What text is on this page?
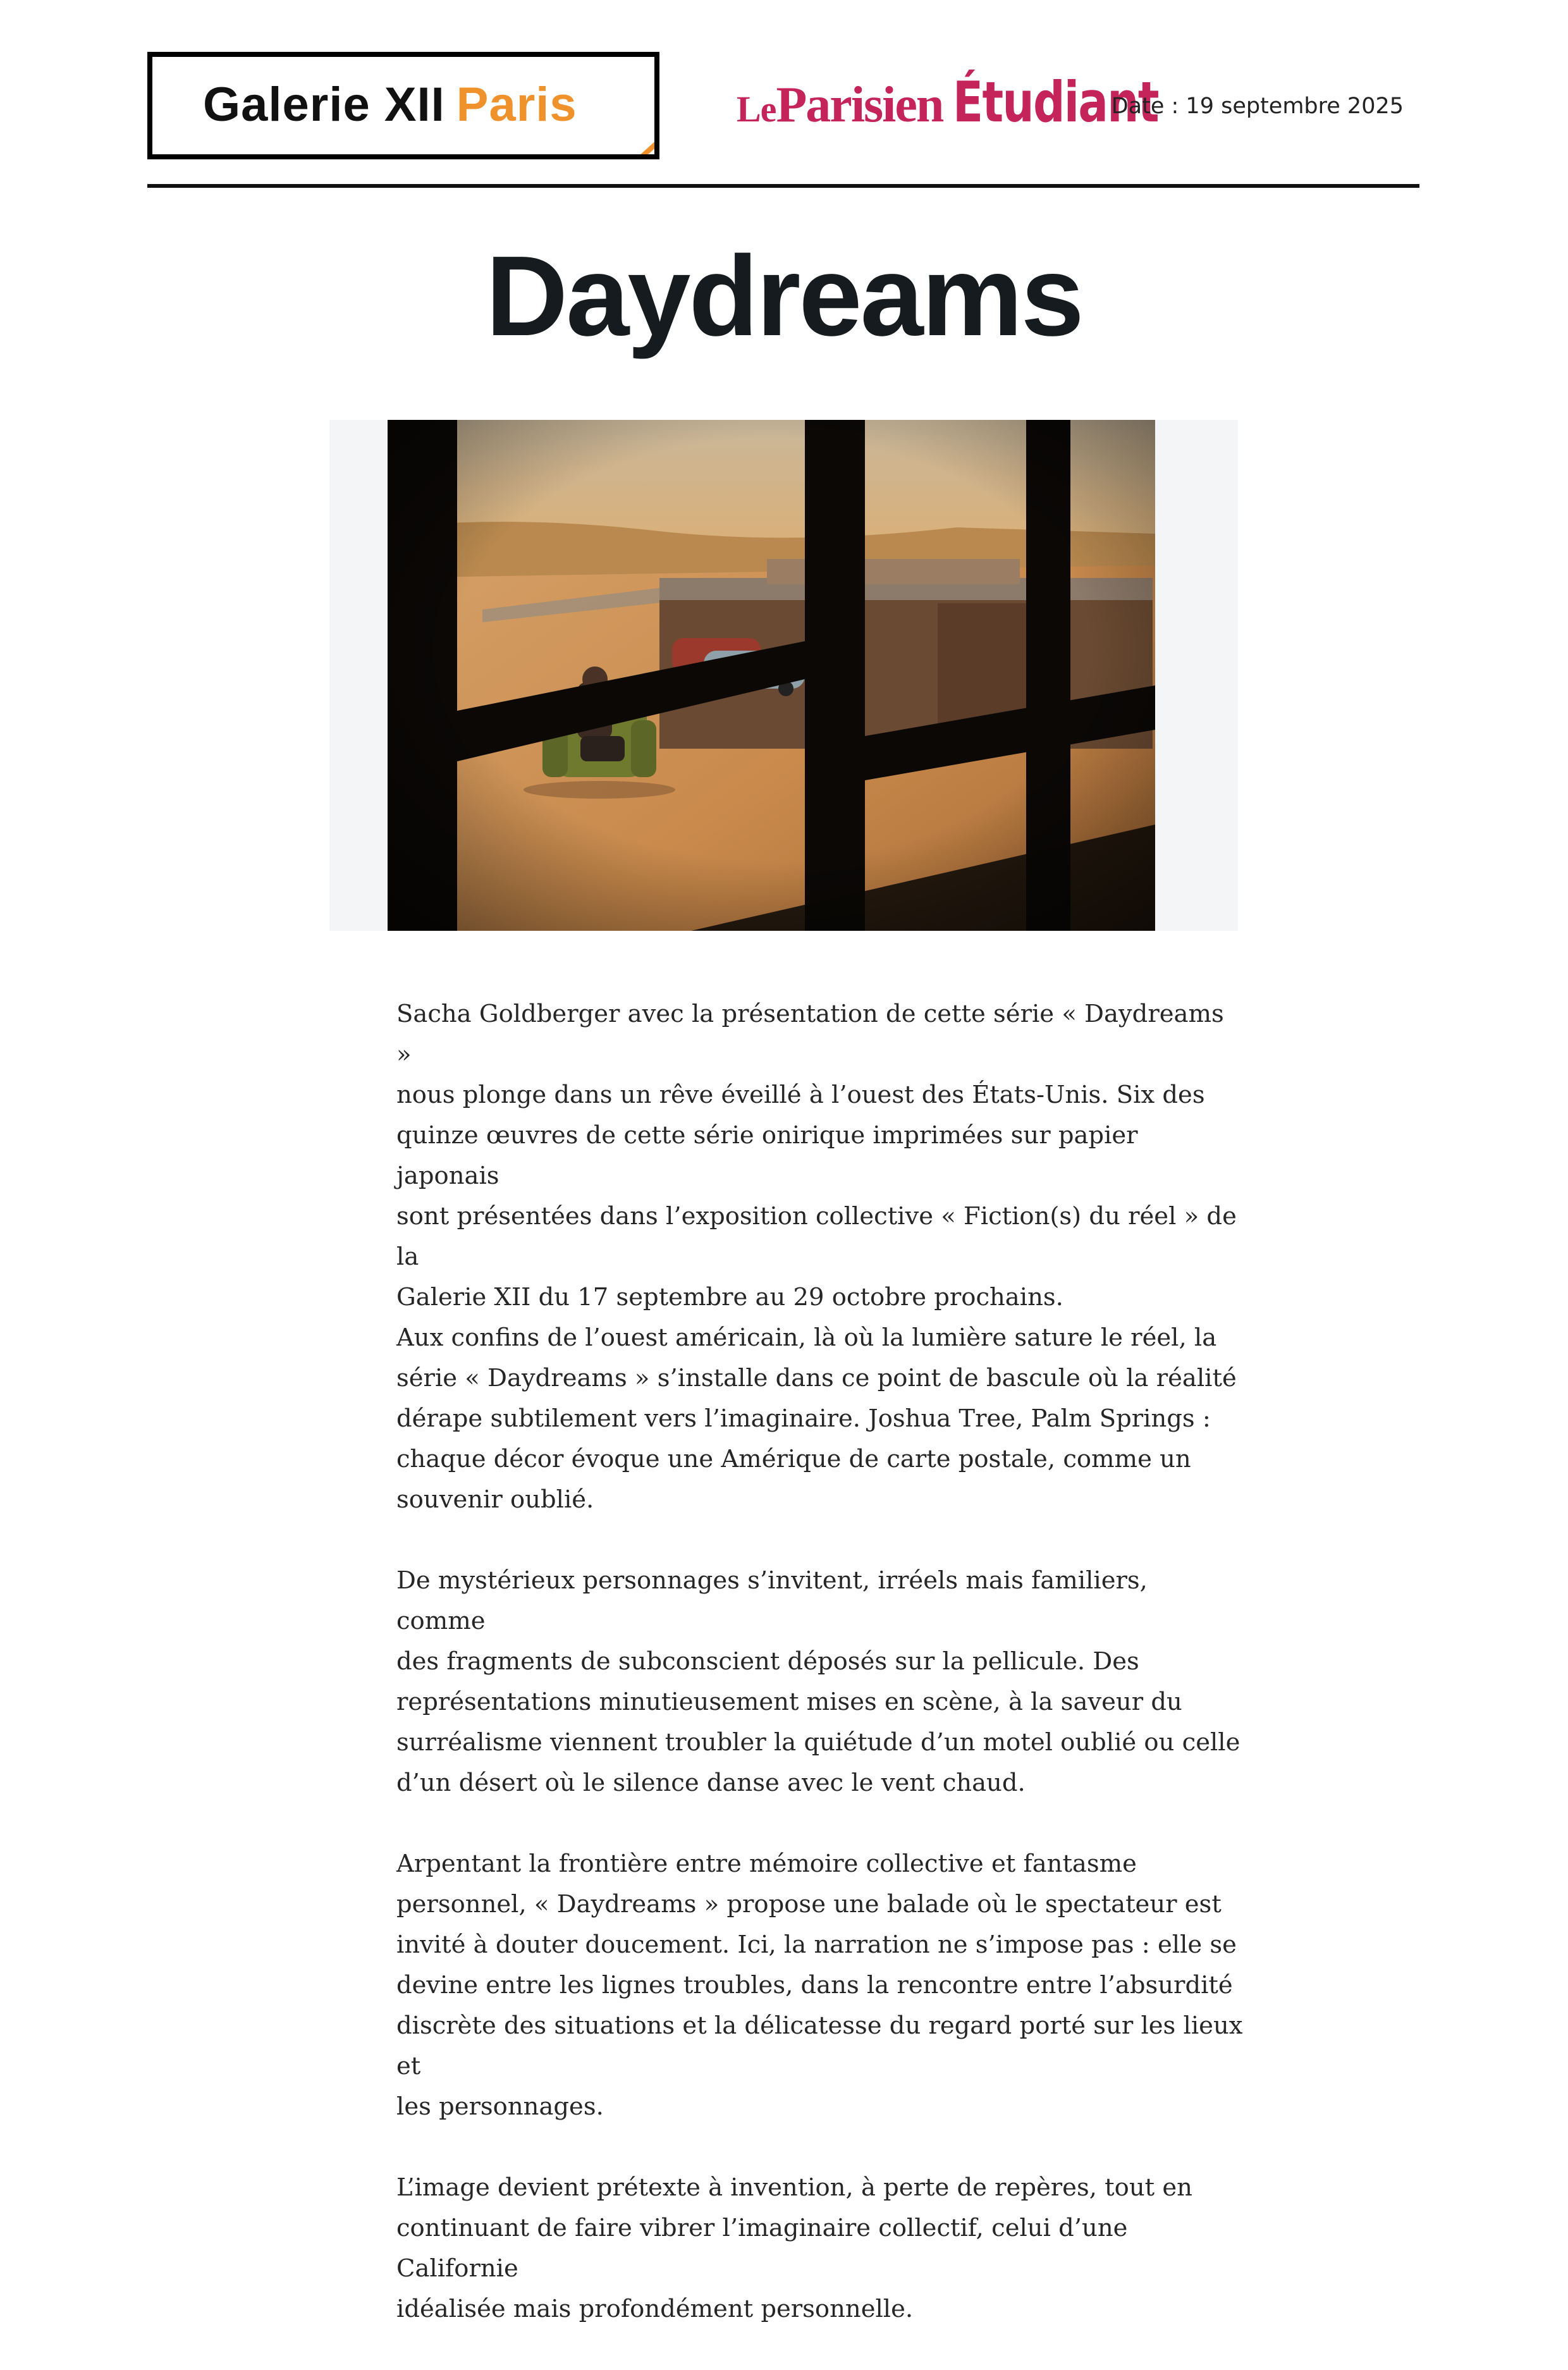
Galerie XII Paris	LeParisien Étudiant
Date : 19 septembre 2025
Daydreams

Sacha Goldberger avec la présentation de cette série « Daydreams »
nous plonge dans un rêve éveillé à l’ouest des États-Unis. Six des
quinze œuvres de cette série onirique imprimées sur papier japonais
sont présentées dans l’exposition collective « Fiction(s) du réel » de la
Galerie XII du 17 septembre au 29 octobre prochains.
Aux confins de l’ouest américain, là où la lumière sature le réel, la
série « Daydreams » s’installe dans ce point de bascule où la réalité
dérape subtilement vers l’imaginaire. Joshua Tree, Palm Springs :
chaque décor évoque une Amérique de carte postale, comme un
souvenir oublié.

De mystérieux personnages s’invitent, irréels mais familiers, comme
des fragments de subconscient déposés sur la pellicule. Des
représentations minutieusement mises en scène, à la saveur du
surréalisme viennent troubler la quiétude d’un motel oublié ou celle
d’un désert où le silence danse avec le vent chaud.

Arpentant la frontière entre mémoire collective et fantasme
personnel, « Daydreams » propose une balade où le spectateur est
invité à douter doucement. Ici, la narration ne s’impose pas : elle se
devine entre les lignes troubles, dans la rencontre entre l’absurdité
discrète des situations et la délicatesse du regard porté sur les lieux et
les personnages.

L’image devient prétexte à invention, à perte de repères, tout en
continuant de faire vibrer l’imaginaire collectif, celui d’une Californie
idéalisée mais profondément personnelle.
